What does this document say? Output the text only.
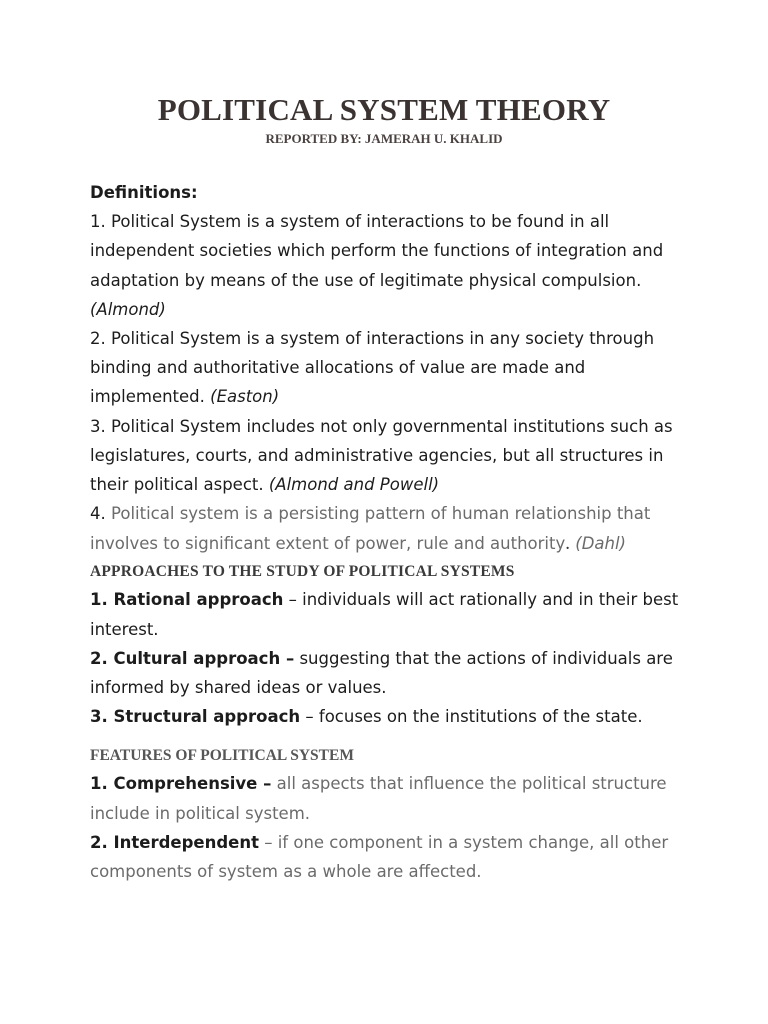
POLITICAL SYSTEM THEORY
REPORTED BY: JAMERAH U. KHALID
Definitions:
1. Political System is a system of interactions to be found in all
independent societies which perform the functions of integration and
adaptation by means of the use of legitimate physical compulsion.
(Almond)
2. Political System is a system of interactions in any society through
binding and authoritative allocations of value are made and
implemented. (Easton)
3. Political System includes not only governmental institutions such as
legislatures, courts, and administrative agencies, but all structures in
their political aspect. (Almond and Powell)
4. Political system is a persisting pattern of human relationship that
involves to significant extent of power, rule and authority. (Dahl)
APPROACHES TO THE STUDY OF POLITICAL SYSTEMS
1. Rational approach – individuals will act rationally and in their best
interest.
2. Cultural approach – suggesting that the actions of individuals are
informed by shared ideas or values.
3. Structural approach – focuses on the institutions of the state.
FEATURES OF POLITICAL SYSTEM
1. Comprehensive – all aspects that influence the political structure
include in political system.
2. Interdependent – if one component in a system change, all other
components of system as a whole are affected.
